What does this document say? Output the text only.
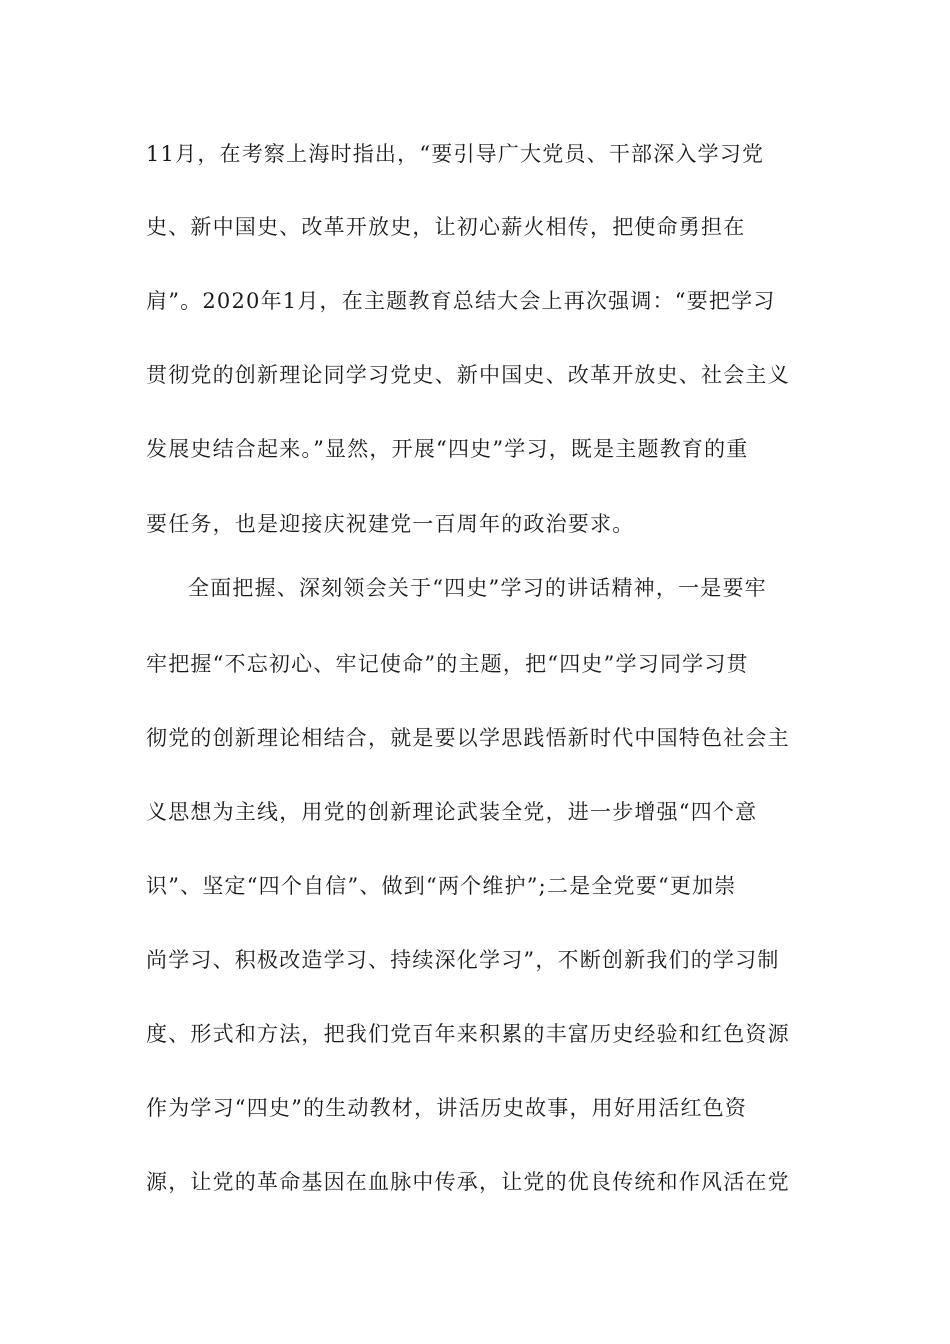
11月，在考察上海时指出，“要引导广大党员、干部深入学习党
史、新中国史、改革开放史，让初心薪火相传，把使命勇担在
肩”。2020年1月，在主题教育总结大会上再次强调：“要把学习
贯彻党的创新理论同学习党史、新中国史、改革开放史、社会主义
发展史结合起来。”显然，开展“四史”学习，既是主题教育的重
要任务，也是迎接庆祝建党一百周年的政治要求。
全面把握、深刻领会关于“四史”学习的讲话精神，一是要牢
牢把握“不忘初心、牢记使命”的主题，把“四史”学习同学习贯
彻党的创新理论相结合，就是要以学思践悟新时代中国特色社会主
义思想为主线，用党的创新理论武装全党，进一步增强“四个意
识”、坚定“四个自信”、做到“两个维护”;二是全党要“更加崇
尚学习、积极改造学习、持续深化学习”，不断创新我们的学习制
度、形式和方法，把我们党百年来积累的丰富历史经验和红色资源
作为学习“四史”的生动教材，讲活历史故事，用好用活红色资
源，让党的革命基因在血脉中传承，让党的优良传统和作风活在党
